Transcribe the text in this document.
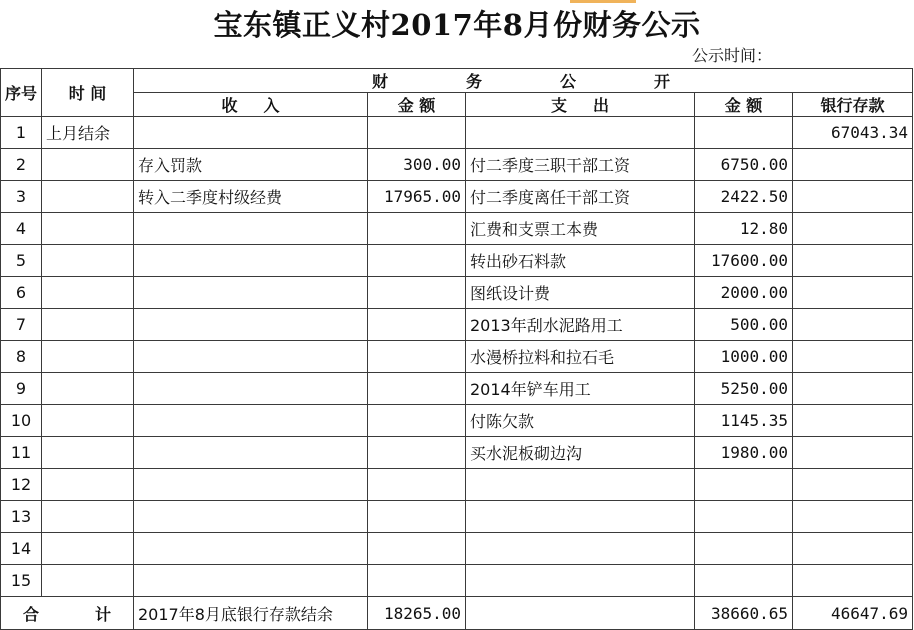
宝东镇正义村2017年8月份财务公示
公示时间：
序号	时 间	财务公开				
		收入	金 额	支出	金 额	银行存款
1	上月结余					67043.34
2		存入罚款	300.00	付二季度三职干部工资	6750.00	
3		转入二季度村级经费	17965.00	付二季度离任干部工资	2422.50	
4				汇费和支票工本费	12.80	
5				转出砂石料款	17600.00	
6				图纸设计费	2000.00	
7				2013年刮水泥路用工	500.00	
8				水漫桥拉料和拉石毛	1000.00	
9				2014年铲车用工	5250.00	
10				付陈欠款	1145.35	
11				买水泥板砌边沟	1980.00	
12						
13						
14						
15						
合计		2017年8月底银行存款结余	18265.00		38660.65	46647.69
